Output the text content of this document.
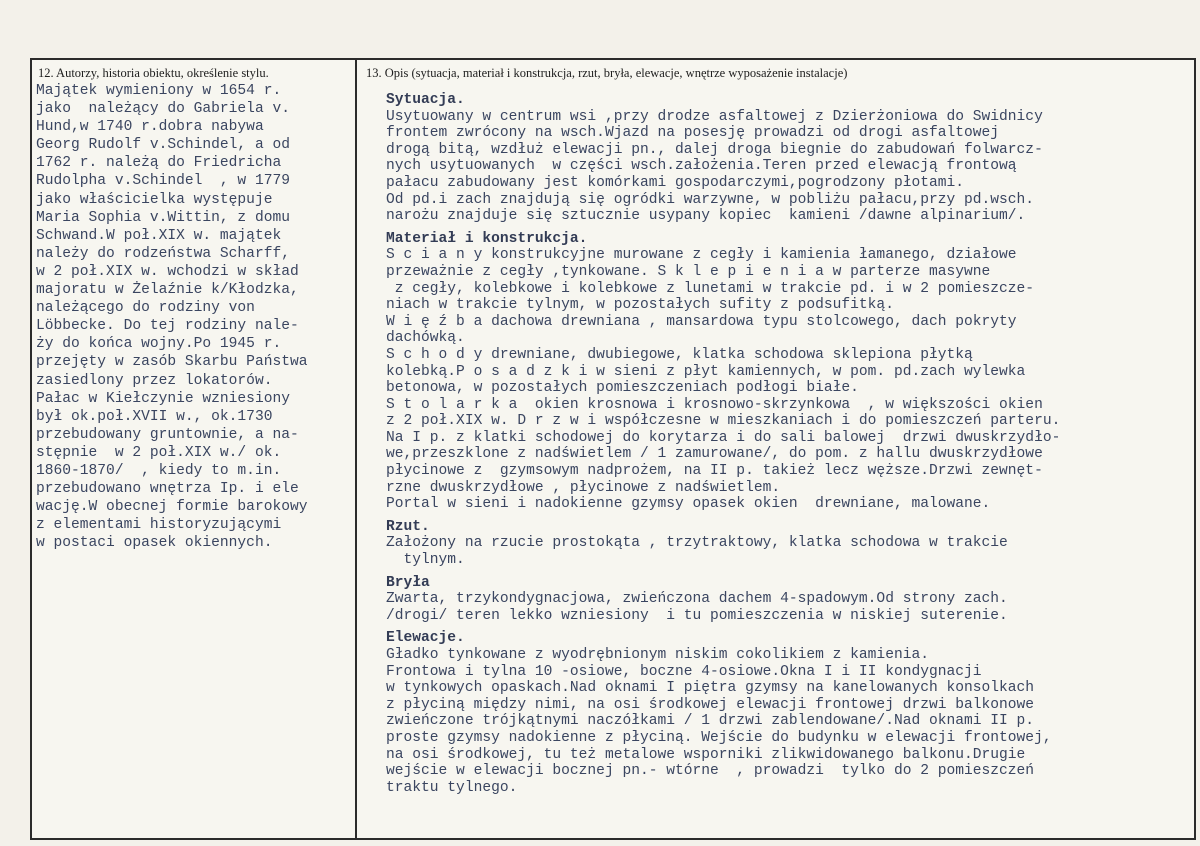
12. Autorzy, historia obiektu, określenie stylu.	13. Opis (sytuacja, materiał i konstrukcja, rzut, bryła, elewacje, wnętrze wyposażenie instalacje)
Majątek wymieniony w 1654 r.
jako  należący do Gabriela v.
Hund,w 1740 r.dobra nabywa
Georg Rudolf v.Schindel, a od
1762 r. należą do Friedricha
Rudolpha v.Schindel  , w 1779
jako właścicielka występuje
Maria Sophia v.Wittin, z domu
Schwand.W poł.XIX w. majątek
należy do rodzeństwa Scharff,
w 2 poł.XIX w. wchodzi w skład
majoratu w Żelaźnie k/Kłodzka,
należącego do rodziny von
Löbbecke. Do tej rodziny nale-
ży do końca wojny.Po 1945 r.
przejęty w zasób Skarbu Państwa
zasiedlony przez lokatorów.
Pałac w Kiełczynie wzniesiony
był ok.poł.XVII w., ok.1730
przebudowany gruntownie, a na-
stępnie  w 2 poł.XIX w./ ok.
1860-1870/  , kiedy to m.in.
przebudowano wnętrza Ip. i ele
wację.W obecnej formie barokowy
z elementami historyzującymi
w postaci opasek okiennych.
Sytuacja.
Usytuowany w centrum wsi ,przy drodze asfaltowej z Dzierżoniowa do Swidnicy
frontem zwrócony na wsch.Wjazd na posesję prowadzi od drogi asfaltowej
drogą bitą, wzdłuż elewacji pn., dalej droga biegnie do zabudowań folwarcz-
nych usytuowanych  w części wsch.założenia.Teren przed elewacją frontową
pałacu zabudowany jest komórkami gospodarczymi,pogrodzony płotami.
Od pd.i zach znajdują się ogródki warzywne, w pobliżu pałacu,przy pd.wsch.
narożu znajduje się sztucznie usypany kopiec  kamieni /dawne alpinarium/.
Materiał i konstrukcja.
S c i a n y konstrukcyjne murowane z cegły i kamienia łamanego, działowe
przeważnie z cegły ,tynkowane. S k l e p i e n i a w parterze masywne
z cegły, kolebkowe i kolebkowe z lunetami w trakcie pd. i w 2 pomieszcze-
niach w trakcie tylnym, w pozostałych sufity z podsufitką.
W i ę ź b a dachowa drewniana , mansardowa typu stolcowego, dach pokryty
dachówką.
S c h o d y drewniane, dwubiegowe, klatka schodowa sklepiona płytką
kolebką.P o s a d z k i w sieni z płyt kamiennych, w pom. pd.zach wylewka
betonowa, w pozostałych pomieszczeniach podłogi białe.
S t o l a r k a  okien krosnowa i krosnowo-skrzynkowa  , w większości okien
z 2 poł.XIX w. D r z w i współczesne w mieszkaniach i do pomieszczeń parteru.
Na I p. z klatki schodowej do korytarza i do sali balowej  drzwi dwuskrzydło-
we,przeszklone z nadświetlem / 1 zamurowane/, do pom. z hallu dwuskrzydłowe
płycinowe z  gzymsowym nadprożem, na II p. takież lecz węższe.Drzwi zewnęt-
rzne dwuskrzydłowe , płycinowe z nadświetlem.
Portal w sieni i nadokienne gzymsy opasek okien  drewniane, malowane.
Rzut.
Założony na rzucie prostokąta , trzytraktowy, klatka schodowa w trakcie
tylnym.
Bryła
Zwarta, trzykondygnacjowa, zwieńczona dachem 4-spadowym.Od strony zach.
/drogi/ teren lekko wzniesiony  i tu pomieszczenia w niskiej suterenie.
Elewacje.
Gładko tynkowane z wyodrębnionym niskim cokolikiem z kamienia.
Frontowa i tylna 10 -osiowe, boczne 4-osiowe.Okna I i II kondygnacji
w tynkowych opaskach.Nad oknami I piętra gzymsy na kanelowanych konsolkach
z płyciną między nimi, na osi środkowej elewacji frontowej drzwi balkonowe
zwieńczone trójkątnymi naczółkami / 1 drzwi zablendowane/.Nad oknami II p.
proste gzymsy nadokienne z płyciną. Wejście do budynku w elewacji frontowej,
na osi środkowej, tu też metalowe wsporniki zlikwidowanego balkonu.Drugie
wejście w elewacji bocznej pn.- wtórne  , prowadzi  tylko do 2 pomieszczeń
traktu tylnego.
